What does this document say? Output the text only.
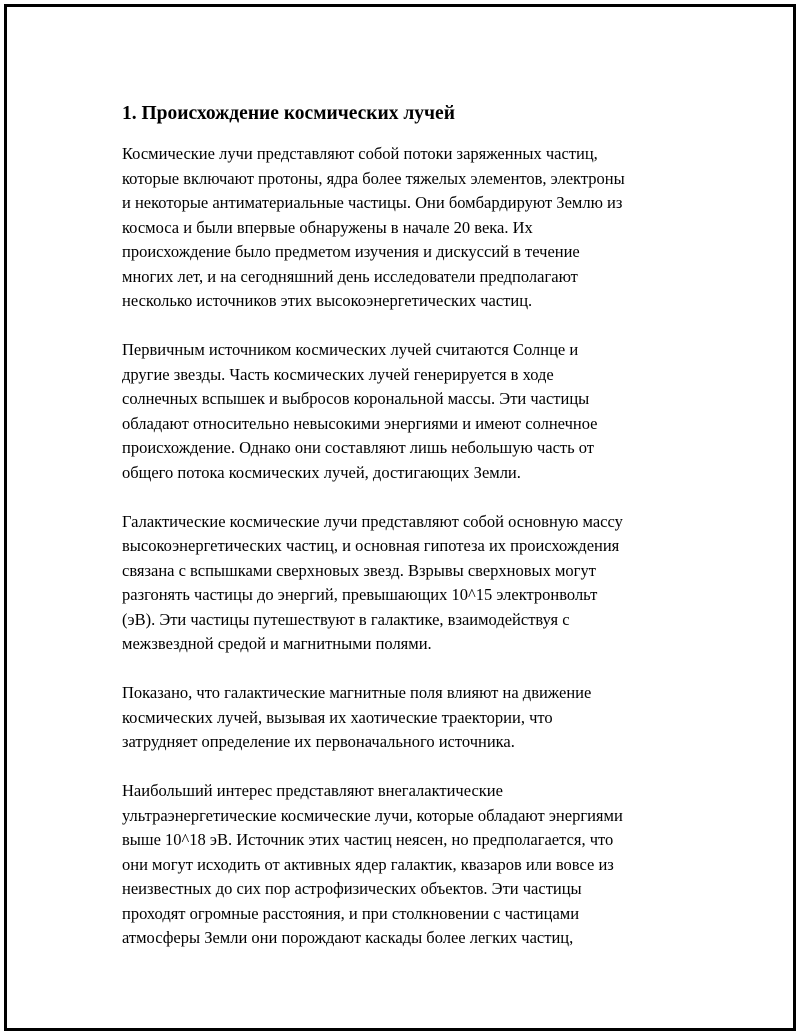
1. Происхождение космических лучей
Космические лучи представляют собой потоки заряженных частиц,
которые включают протоны, ядра более тяжелых элементов, электроны
и некоторые антиматериальные частицы. Они бомбардируют Землю из
космоса и были впервые обнаружены в начале 20 века. Их
происхождение было предметом изучения и дискуссий в течение
многих лет, и на сегодняшний день исследователи предполагают
несколько источников этих высокоэнергетических частиц.
Первичным источником космических лучей считаются Солнце и
другие звезды. Часть космических лучей генерируется в ходе
солнечных вспышек и выбросов корональной массы. Эти частицы
обладают относительно невысокими энергиями и имеют солнечное
происхождение. Однако они составляют лишь небольшую часть от
общего потока космических лучей, достигающих Земли.
Галактические космические лучи представляют собой основную массу
высокоэнергетических частиц, и основная гипотеза их происхождения
связана с вспышками сверхновых звезд. Взрывы сверхновых могут
разгонять частицы до энергий, превышающих 10^15 электронвольт
(эВ). Эти частицы путешествуют в галактике, взаимодействуя с
межзвездной средой и магнитными полями.
Показано, что галактические магнитные поля влияют на движение
космических лучей, вызывая их хаотические траектории, что
затрудняет определение их первоначального источника.
Наибольший интерес представляют внегалактические
ультраэнергетические космические лучи, которые обладают энергиями
выше 10^18 эВ. Источник этих частиц неясен, но предполагается, что
они могут исходить от активных ядер галактик, квазаров или вовсе из
неизвестных до сих пор астрофизических объектов. Эти частицы
проходят огромные расстояния, и при столкновении с частицами
атмосферы Земли они порождают каскады более легких частиц,
